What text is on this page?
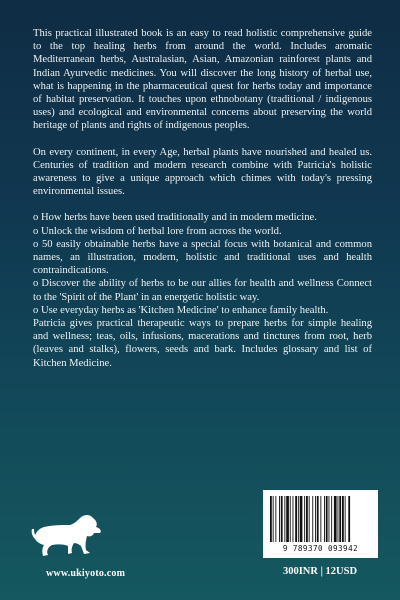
This practical illustrated book is an easy to read holistic comprehensive guide to the top healing herbs from around the world. Includes aromatic Mediterranean herbs, Australasian, Asian, Amazonian rainforest plants and Indian Ayurvedic medicines. You will discover the long history of herbal use, what is happening in the pharmaceutical quest for herbs today and importance of habitat preservation. It touches upon ethnobotany (traditional / indigenous uses) and ecological and environmental concerns about preserving the world heritage of plants and rights of indigenous peoples.

On every continent, in every Age, herbal plants have nourished and healed us. Centuries of tradition and modern research combine with Patricia's holistic awareness to give a unique approach which chimes with today's pressing environmental issues.

o How herbs have been used traditionally and in modern medicine.
o Unlock the wisdom of herbal lore from across the world.
o 50 easily obtainable herbs have a special focus with botanical and common names, an illustration, modern, holistic and traditional uses and health contraindications.
o Discover the ability of herbs to be our allies for health and wellness Connect to the 'Spirit of the Plant' in an energetic holistic way.
o Use everyday herbs as 'Kitchen Medicine' to enhance family health.

Patricia gives practical therapeutic ways to prepare herbs for simple healing and wellness; teas, oils, infusions, macerations and tinctures from root, herb (leaves and stalks), flowers, seeds and bark. Includes glossary and list of Kitchen Medicine.

www.ukiyoto.com
9 789370 093942
300INR | 12USD
